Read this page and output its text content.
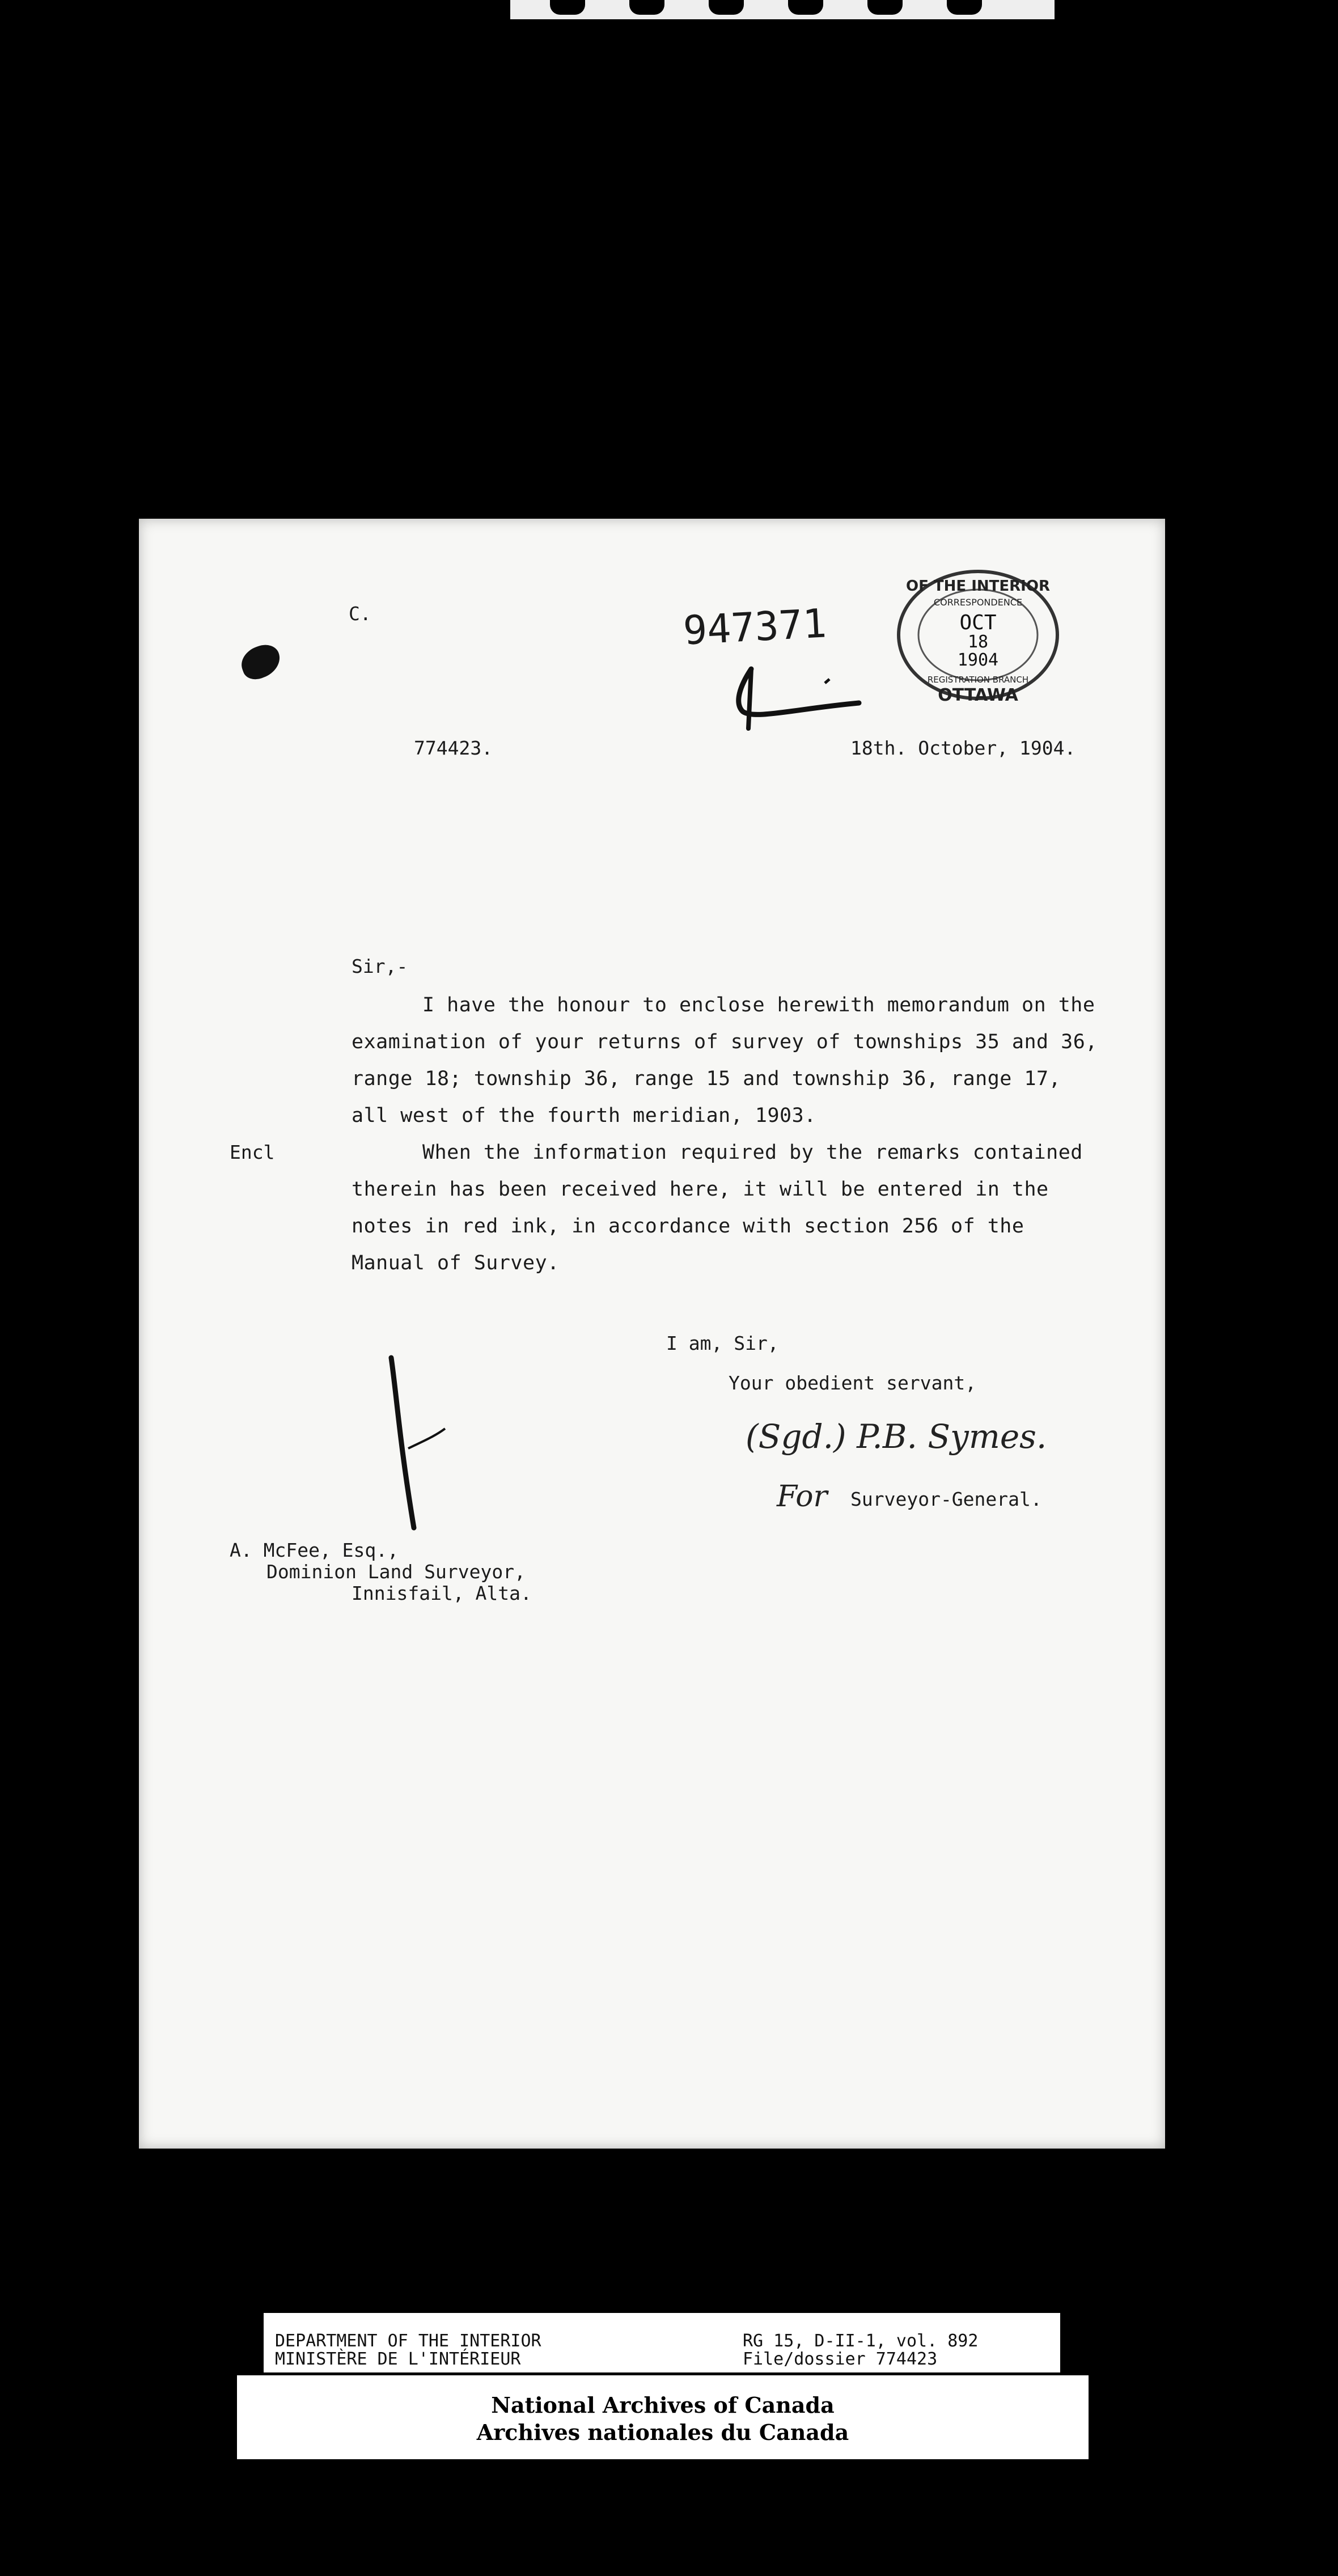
C.	947371
OF THE INTERIOR
CORRESPONDENCE
OCT
18
1904
REGISTRATION BRANCH
OTTAWA
774423.	18th. October, 1904.
Sir,-
I have the honour to enclose herewith memorandum on the
examination of your returns of survey of townships 35 and 36,
range 18; township 36, range 15 and township 36, range 17,
all west of the fourth meridian, 1903.
Encl	When the information required by the remarks contained
therein has been received here, it will be entered in the
notes in red ink, in accordance with section 256 of the
Manual of Survey.
I am, Sir,
Your obedient servant,
(Sgd.) P.B. Symes.
For Surveyor-General.
A. McFee, Esq.,
Dominion Land Surveyor,
Innisfail, Alta.
DEPARTMENT OF THE INTERIOR
MINISTÈRE DE L'INTÉRIEUR
RG 15, D-II-1, vol. 892
File/dossier 774423
National Archives of Canada
Archives nationales du Canada
